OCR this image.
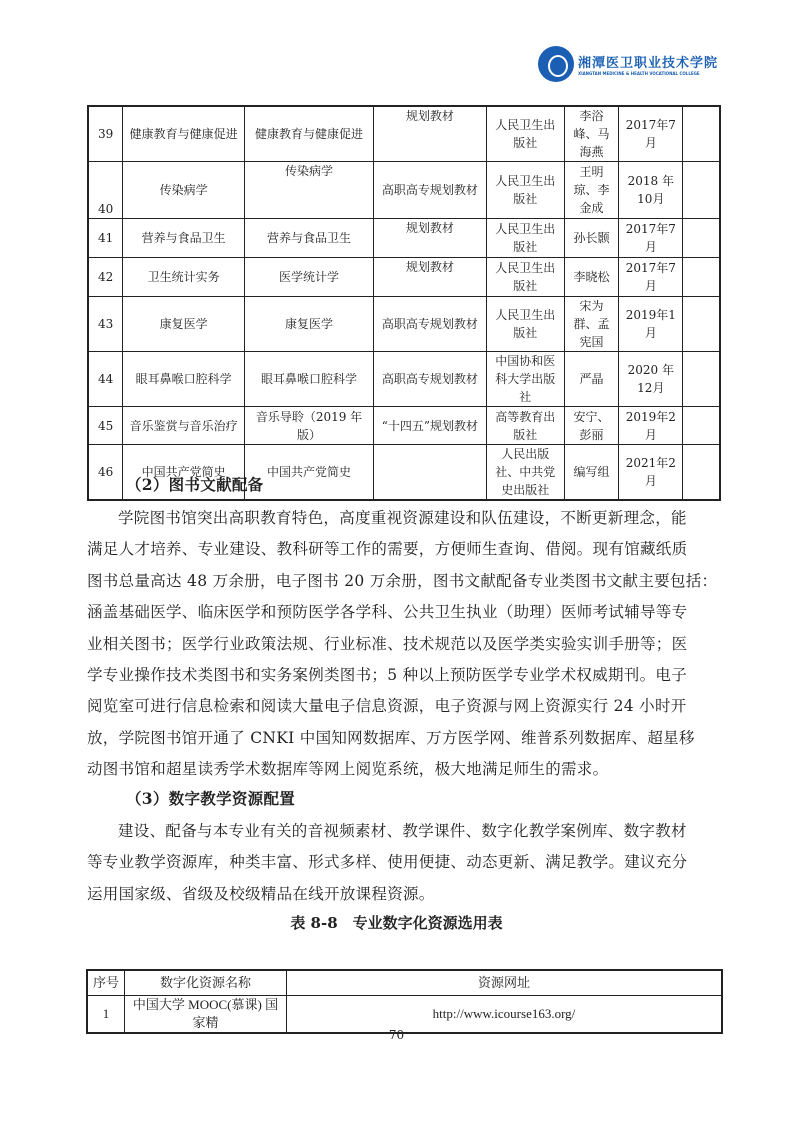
湘潭医卫职业技术学院
XIANGTAN MEDICINE & HEALTH VOCATIONAL COLLEGE
39	健康教育与健康促进	健康教育与健康促进	规划教材	人民卫生出版社	李浴峰、马海燕	2017年7月	
40	传染病学	传染病学	高职高专规划教材	人民卫生出版社	王明琼、李金成	2018 年10月	
41	营养与食品卫生	营养与食品卫生	规划教材	人民卫生出版社	孙长颢	2017年7月	
42	卫生统计实务	医学统计学	规划教材	人民卫生出版社	李晓松	2017年7月	
43	康复医学	康复医学	高职高专规划教材	人民卫生出版社	宋为群、孟宪国	2019年1月	
44	眼耳鼻喉口腔科学	眼耳鼻喉口腔科学	高职高专规划教材	中国协和医科大学出版社	严晶	2020 年12月	
45	音乐鉴赏与音乐治疗	音乐导聆（2019 年版）	“十四五”规划教材	高等教育出版社	安宁、彭丽	2019年2月	
46	中国共产党简史	中国共产党简史		人民出版社、中共党史出版社	编写组	2021年2月	
（2）图书文献配备
学院图书馆突出高职教育特色，高度重视资源建设和队伍建设，不断更新理念，能
满足人才培养、专业建设、教科研等工作的需要，方便师生查询、借阅。现有馆藏纸质
图书总量高达 48 万余册，电子图书 20 万余册，图书文献配备专业类图书文献主要包括：
涵盖基础医学、临床医学和预防医学各学科、公共卫生执业（助理）医师考试辅导等专
业相关图书；医学行业政策法规、行业标准、技术规范以及医学类实验实训手册等；医
学专业操作技术类图书和实务案例类图书；5 种以上预防医学专业学术权威期刊。电子
阅览室可进行信息检索和阅读大量电子信息资源，电子资源与网上资源实行 24 小时开
放，学院图书馆开通了 CNKI 中国知网数据库、万方医学网、维普系列数据库、超星移
动图书馆和超星读秀学术数据库等网上阅览系统，极大地满足师生的需求。
（3）数字教学资源配置
建设、配备与本专业有关的音视频素材、教学课件、数字化教学案例库、数字教材
等专业教学资源库，种类丰富、形式多样、使用便捷、动态更新、满足教学。建议充分
运用国家级、省级及校级精品在线开放课程资源。
表 8-8　专业数字化资源选用表
序号	数字化资源名称	资源网址
1	中国大学 MOOC(慕课) 国家精	http://www.icourse163.org/
70
